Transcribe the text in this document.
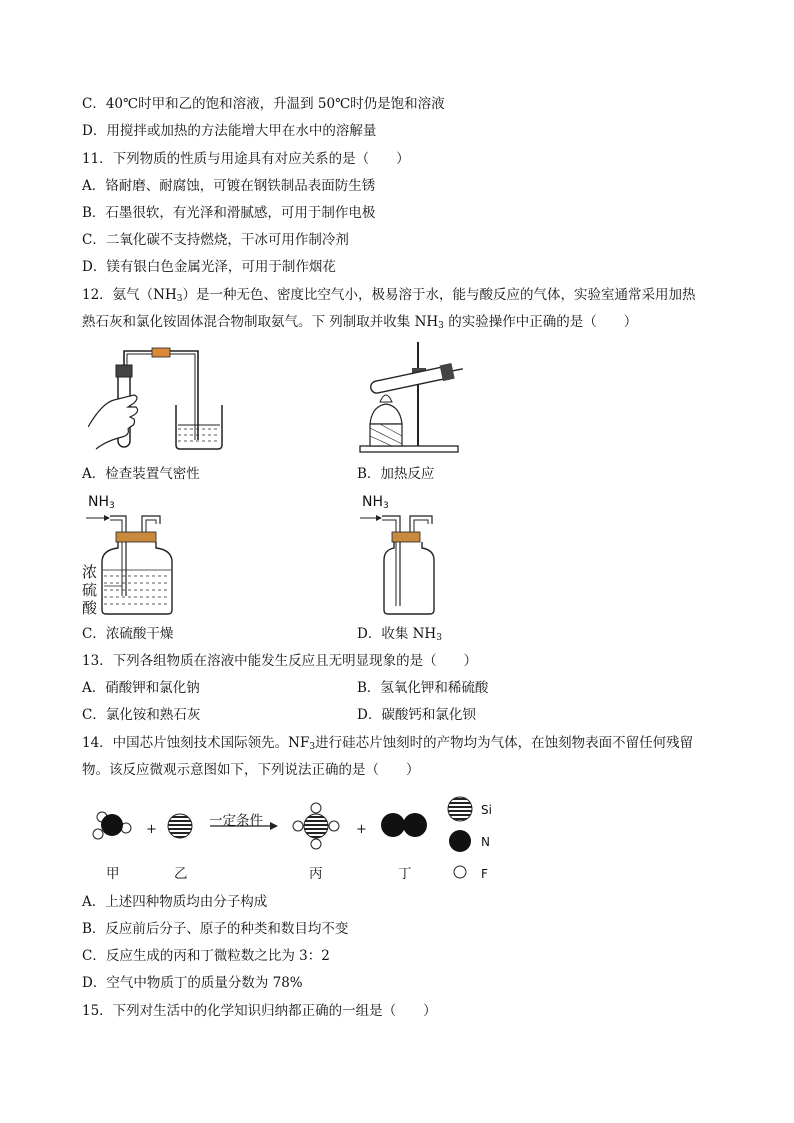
C．40℃时甲和乙的饱和溶液，升温到 50℃时仍是饱和溶液
D．用搅拌或加热的方法能增大甲在水中的溶解量
11．下列物质的性质与用途具有对应关系的是（　　）
A．铬耐磨、耐腐蚀，可镀在钢铁制品表面防生锈
B．石墨很软，有光泽和滑腻感，可用于制作电极
C．二氧化碳不支持燃烧，干冰可用作制冷剂
D．镁有银白色金属光泽，可用于制作烟花
12．氨气$(NH_3)$是一种无色、密度比空气小，极易溶于水，能与酸反应的气体，实验室通常采用加热
熟石灰和氯化铵固体混合物制取氨气。下 列制取并收集 $NH_3$ 的实验操作中正确的是（　　）
A．检查装置气密性	B．加热反应
$NH_3$
浓
硫
酸
C．浓硫酸干燥
$NH_3$
D．收集 $NH_3$
13．下列各组物质在溶液中能发生反应且无明显现象的是（　　）
A．硝酸钾和氯化钠	B．氢氧化钾和稀硫酸
C．氯化铵和熟石灰	D．碳酸钙和氯化钡
14．中国芯片蚀刻技术国际领先。$NF_3$进行硅芯片蚀刻时的产物均为气体，在蚀刻物表面不留任何残留
物。该反应微观示意图如下，下列说法正确的是（　　）
一定条件
+	+
甲	乙	丙	丁
Si
N
F
A．上述四种物质均由分子构成
B．反应前后分子、原子的种类和数目均不变
C．反应生成的丙和丁微粒数之比为 3：2
D．空气中物质丁的质量分数为 78%
15．下列对生活中的化学知识归纳都正确的一组是（　　）
